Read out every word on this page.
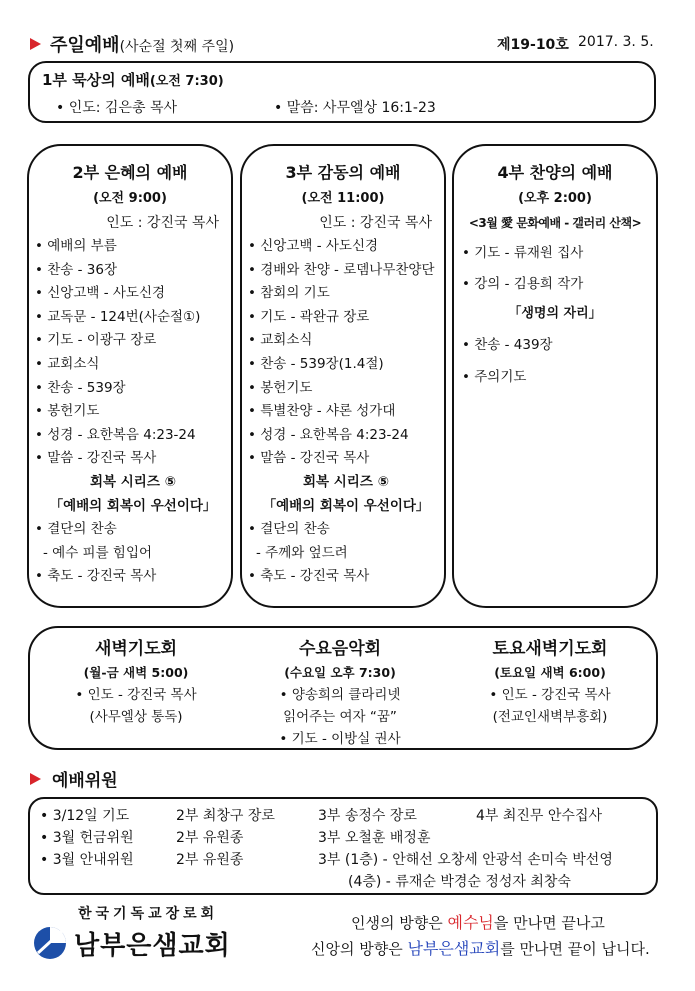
주일예배(사순절 첫째 주일)	제19-10호 2017. 3. 5.
1부 묵상의 예배(오전 7:30)
• 인도: 김은총 목사	• 말씀: 사무엘상 16:1-23
2부 은혜의 예배
(오전 9:00)
인도 : 강진국 목사
• 예배의 부름
• 찬송 - 36장
• 신앙고백 - 사도신경
• 교독문 - 124번(사순절①)
• 기도 - 이광구 장로
• 교회소식
• 찬송 - 539장
• 봉헌기도
• 성경 - 요한복음 4:23-24
• 말씀 - 강진국 목사
회복 시리즈 ⑤
「예배의 회복이 우선이다」
• 결단의 찬송
- 예수 피를 힘입어
• 축도 - 강진국 목사
3부 감동의 예배
(오전 11:00)
인도 : 강진국 목사
• 신앙고백 - 사도신경
• 경배와 찬양 - 로뎀나무찬양단
• 참회의 기도
• 기도 - 곽완규 장로
• 교회소식
• 찬송 - 539장(1.4절)
• 봉헌기도
• 특별찬양 - 샤론 성가대
• 성경 - 요한복음 4:23-24
• 말씀 - 강진국 목사
회복 시리즈 ⑤
「예배의 회복이 우선이다」
• 결단의 찬송
- 주께와 엎드려
• 축도 - 강진국 목사
4부 찬양의 예배
(오후 2:00)
<3월 愛 문화예배 - 갤러리 산책>
• 기도 - 류재원 집사
• 강의 - 김용희 작가
「생명의 자리」
• 찬송 - 439장
• 주의기도
새벽기도회
(월-금 새벽 5:00)
• 인도 - 강진국 목사
(사무엘상 통독)
수요음악회
(수요일 오후 7:30)
• 양송희의 클라리넷
읽어주는 여자 “꿈”
• 기도 - 이방실 권사
토요새벽기도회
(토요일 새벽 6:00)
• 인도 - 강진국 목사
(전교인새벽부흥회)
예배위원
• 3/12일 기도	2부 최창구 장로	3부 송정수 장로	4부 최진무 안수집사
• 3월 헌금위원	2부 유원종	3부 오철훈 배정훈
• 3월 안내위원	2부 유원종	3부 (1층) - 안해선 오창세 안광석 손미숙 박선영
(4층) - 류재순 박경순 정성자 최창숙
한국기독교장로회
남부은샘교회
인생의 방향은 예수님을 만나면 끝나고
신앙의 방향은 남부은샘교회를 만나면 끝이 납니다.
